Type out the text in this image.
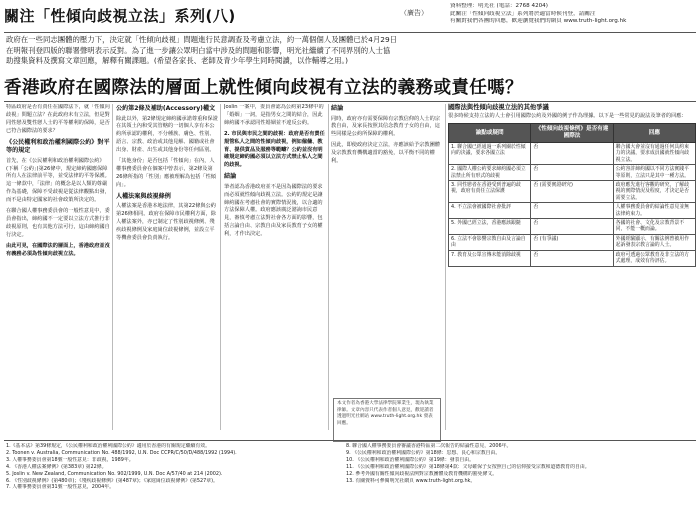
關注「性傾向歧視立法」系列(八)	（廣告）
資料整理：明光社 (電話：2768 4204)
此關注「性傾向歧視立法」系列將於適當時候刊登，請關注
有關對我們各團的回應，歡迎瀏覽我們的網頁 www.truth-light.org.hk
政府在一些同志團體的壓力下，決定就「性傾向歧視」問題進行民意調查及考慮立法，約一萬個個人及團體已於4月29日
在明報刊登四版的聯署聲明表示反對。為了進一步讓公眾明白當中涉及的問題和影響，明光社繼續了不同界別的人士協
助搜集資料及撰寫文章回應，解釋有關課題。(希望各家長、老師及青少年學生同時閱讀，以作輔導之用。)
香港政府在國際法的層面上就性傾向歧視有立法的義務或責任嗎？

特區政府是否有責任在國際法下，就「性傾向歧視」問題立法？在此政府未有立法，但是對同性戀及雙性戀人士的平等權利的保障，是否已符合國際法的要求？

《公民權利和政治權利國際公約》對平等的規定

首先，在《公民權利和政治權利國際公約》(下稱「公約」)第26條中，規定締約國應保障所有人在法律前平等，並受法律的平等保護。這一條款中，「法律」的概念是以人類的尊嚴作為基礎，保障不受歧視是從法律觀點出發，而不是由特定國家的社會政策所決定的。

在聯合國人權事務委員會的一般性意見中，委員會指出，締約國不一定要以立法方式推行非歧視原則，也有其他方法可行，這由締約國自行決定。

由此可見，在國際法的層面上，香港政府並沒有義務必須為性傾向歧視立法。

公約第2條及補助(Accessory)權文

除此以外，第2條規定締約國承諾尊重和保證在其領土內和受其管轄的一切個人享有本公約所承認的權利，不分種族、膚色、性別、語言、宗教、政治或其他見解、國籍或社會出身、財產、出生或其他身份等任何區別。

「其他身份」是否包括「性傾向」在內，人權事務委員會在個案中曾表示，第2條及第26條所指的「性別」應被理解為包括「性傾向」。

人權法案與歧視條例

人權法案是香港本地法律，其第22條與公約第26條相同。政府在保障市民權利方面，除人權法案外，亦已制定了性別歧視條例、殘疾歧視條例及家庭崗位歧視條例，並設立平等機會委員會負責執行。

Joslin 一案中，委員會認為公約第23條中的「婚姻」一詞，是指男女之間的結合，因此締約國不承認同性婚姻並不違反公約。

2. 市民與市民之間的歧視：政府是否有責任規管私人之間的性傾向歧視，例如僱傭、教育、提供貨品及服務等範疇？公約並沒有明確規定締約國必須以立法方式禁止私人之間的歧視。

結論

筆者認為香港政府並不是因為國際法的要求而必須就性傾向歧視立法。公約的規定是讓締約國在考慮社會的實際情況後，以合適的方法保障人權。政府應該廣泛諮詢市民意見，審慎考慮立法對社會各方面的影響，包括言論自由、宗教自由及家長教育子女的權利，才作出決定。

結論

同時，政府亦有需要保障有宗教信仰的人士的宗教自由，及家長按照其信念教育子女的自由，這些同樣是公約所保障的權利。

因此，即使政府決定立法，亦應該給予宗教團體及宗教教育機構適當的豁免，以平衡不同的權利。

本文作者為香港大學法律學院畢業生，現為執業律師。文章內容只代表作者個人意見，歡迎讀者透過明光社網站 www.truth-light.org.hk 發表回應。
國際法與性傾向歧視立法的其他爭議
很多時候支持立法的人士會引用國際公約及外國的例子作為理據。以下是一些常見的說法及筆者的回應：
論點或疑問	《性傾向歧視條例》是否有違國際法	回應
1. 聯合國已經通過一系列關於性傾向的決議，要求各國立法	否	聯合國大會並沒有通過任何具約束力的決議，要求成員國就性傾向歧視立法。
2. 國際人權公約要求締約國必須立法禁止所有形式的歧視	否	公約容許締約國以不同方法實踐平等原則，立法只是其中一種方法。
3. 同性戀者在香港受到普遍的歧視，政府有責任立法保護	否 (需要實證研究)	政府應先進行客觀的研究，了解歧視的實際情況及程度，才決定是否需要立法。
4. 不立法會被國際社會批評	否	人權事務委員會的結論性意見並無法律約束力。
5. 外國已經立法，香港應該跟隨	否	各國的社會、文化及宗教背景不同，不能一概而論。
6. 立法不會影響宗教自由及言論自由	否 (有爭議)	外國經驗顯示，有關法例曾被用作起訴發表宗教言論的人士。
7. 教育及公眾宣傳未能消除歧視	否	政府可透過公眾教育及非立法的方式處理，成效有待評估。
1.《基本法》第39條規定，《公民權利和政治權利國際公約》適用於香港的有關規定繼續有效。
2. Toonen v. Australia, Communication No. 488/1992, U.N. Doc CCPR/C/50/D/488/1992 (1994).
3. 人權事務委員會第18號一般性意見：非歧視，1989年。
4. 《香港人權法案條例》(第383章) 第22條。
5. Joslin v. New Zealand, Communication No. 902/1999, U.N. Doc A/57/40 at 214 (2002).
6. 《性別歧視條例》(第480章)；《殘疾歧視條例》(第487章)；《家庭崗位歧視條例》(第527章)。
7. 人權事務委員會第31號一般性意見，2004年。
8. 聯合國人權事務委員會審議香港特區第二次報告的結論性意見，2006年。
9. 《公民權利和政治權利國際公約》第18條：思想、良心和宗教自由。
10. 《公民權利和政治權利國際公約》第19條：發表自由。
11. 《公民權利和政治權利國際公約》第18條第4款：父母確保子女按照自己的信仰接受宗教和道德教育的自由。
12. 參考外國有關性傾向歧視法例對宗教團體及教育機構的豁免條文。
13. 有關資料可參閱明光社網頁 www.truth-light.org.hk。
